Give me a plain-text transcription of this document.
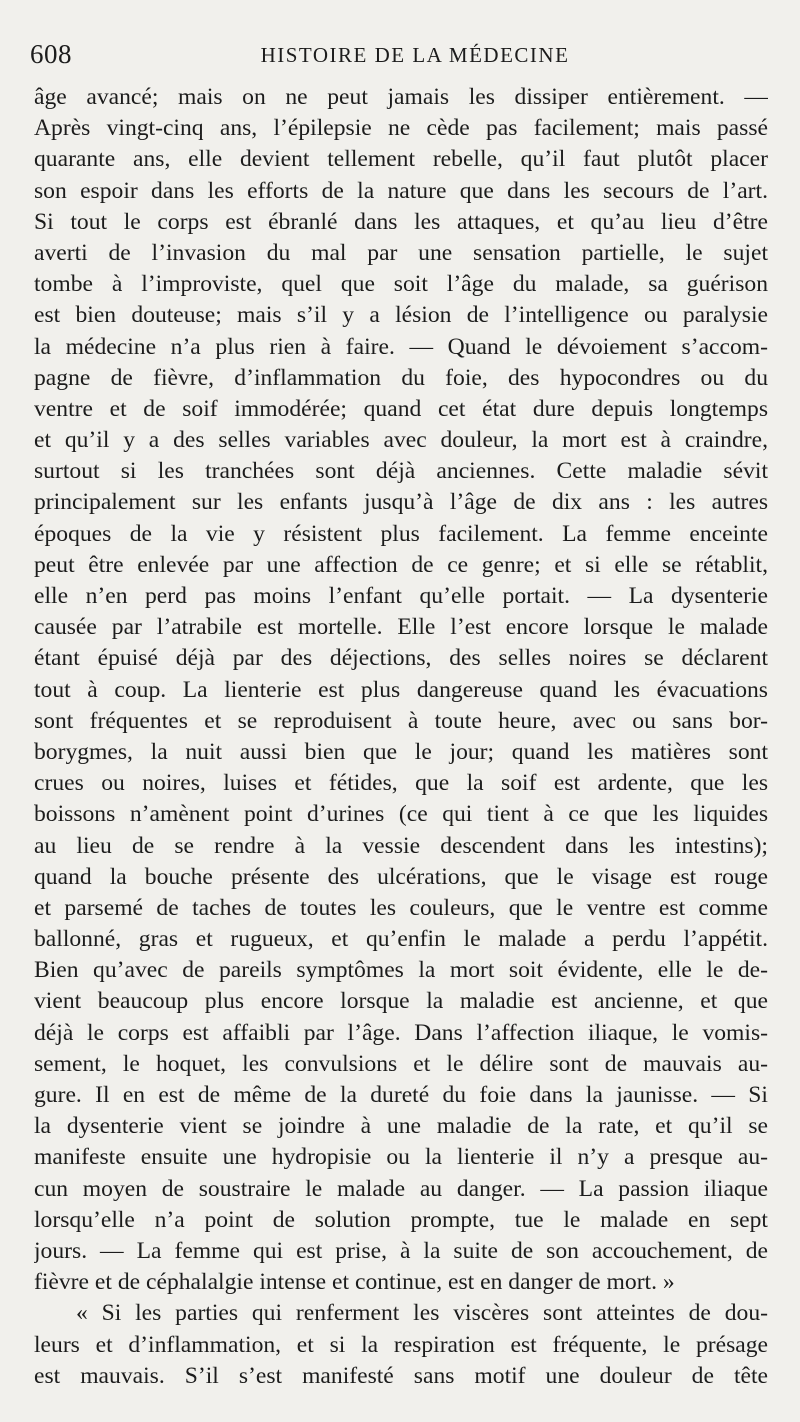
608	HISTOIRE DE LA MÉDECINE
âge avancé; mais on ne peut jamais les dissiper entièrement. —
Après vingt-cinq ans, l’épilepsie ne cède pas facilement; mais passé
quarante ans, elle devient tellement rebelle, qu’il faut plutôt placer
son espoir dans les efforts de la nature que dans les secours de l’art.
Si tout le corps est ébranlé dans les attaques, et qu’au lieu d’être
averti de l’invasion du mal par une sensation partielle, le sujet
tombe à l’improviste, quel que soit l’âge du malade, sa guérison
est bien douteuse; mais s’il y a lésion de l’intelligence ou paralysie
la médecine n’a plus rien à faire. — Quand le dévoiement s’accom-
pagne de fièvre, d’inflammation du foie, des hypocondres ou du
ventre et de soif immodérée; quand cet état dure depuis longtemps
et qu’il y a des selles variables avec douleur, la mort est à craindre,
surtout si les tranchées sont déjà anciennes. Cette maladie sévit
principalement sur les enfants jusqu’à l’âge de dix ans : les autres
époques de la vie y résistent plus facilement. La femme enceinte
peut être enlevée par une affection de ce genre; et si elle se rétablit,
elle n’en perd pas moins l’enfant qu’elle portait. — La dysenterie
causée par l’atrabile est mortelle. Elle l’est encore lorsque le malade
étant épuisé déjà par des déjections, des selles noires se déclarent
tout à coup. La lienterie est plus dangereuse quand les évacuations
sont fréquentes et se reproduisent à toute heure, avec ou sans bor-
borygmes, la nuit aussi bien que le jour; quand les matières sont
crues ou noires, luises et fétides, que la soif est ardente, que les
boissons n’amènent point d’urines (ce qui tient à ce que les liquides
au lieu de se rendre à la vessie descendent dans les intestins);
quand la bouche présente des ulcérations, que le visage est rouge
et parsemé de taches de toutes les couleurs, que le ventre est comme
ballonné, gras et rugueux, et qu’enfin le malade a perdu l’appétit.
Bien qu’avec de pareils symptômes la mort soit évidente, elle le de-
vient beaucoup plus encore lorsque la maladie est ancienne, et que
déjà le corps est affaibli par l’âge. Dans l’affection iliaque, le vomis-
sement, le hoquet, les convulsions et le délire sont de mauvais au-
gure. Il en est de même de la dureté du foie dans la jaunisse. — Si
la dysenterie vient se joindre à une maladie de la rate, et qu’il se
manifeste ensuite une hydropisie ou la lienterie il n’y a presque au-
cun moyen de soustraire le malade au danger. — La passion iliaque
lorsqu’elle n’a point de solution prompte, tue le malade en sept
jours. — La femme qui est prise, à la suite de son accouchement, de
fièvre et de céphalalgie intense et continue, est en danger de mort. »
« Si les parties qui renferment les viscères sont atteintes de dou-
leurs et d’inflammation, et si la respiration est fréquente, le présage
est mauvais. S’il s’est manifesté sans motif une douleur de tête
